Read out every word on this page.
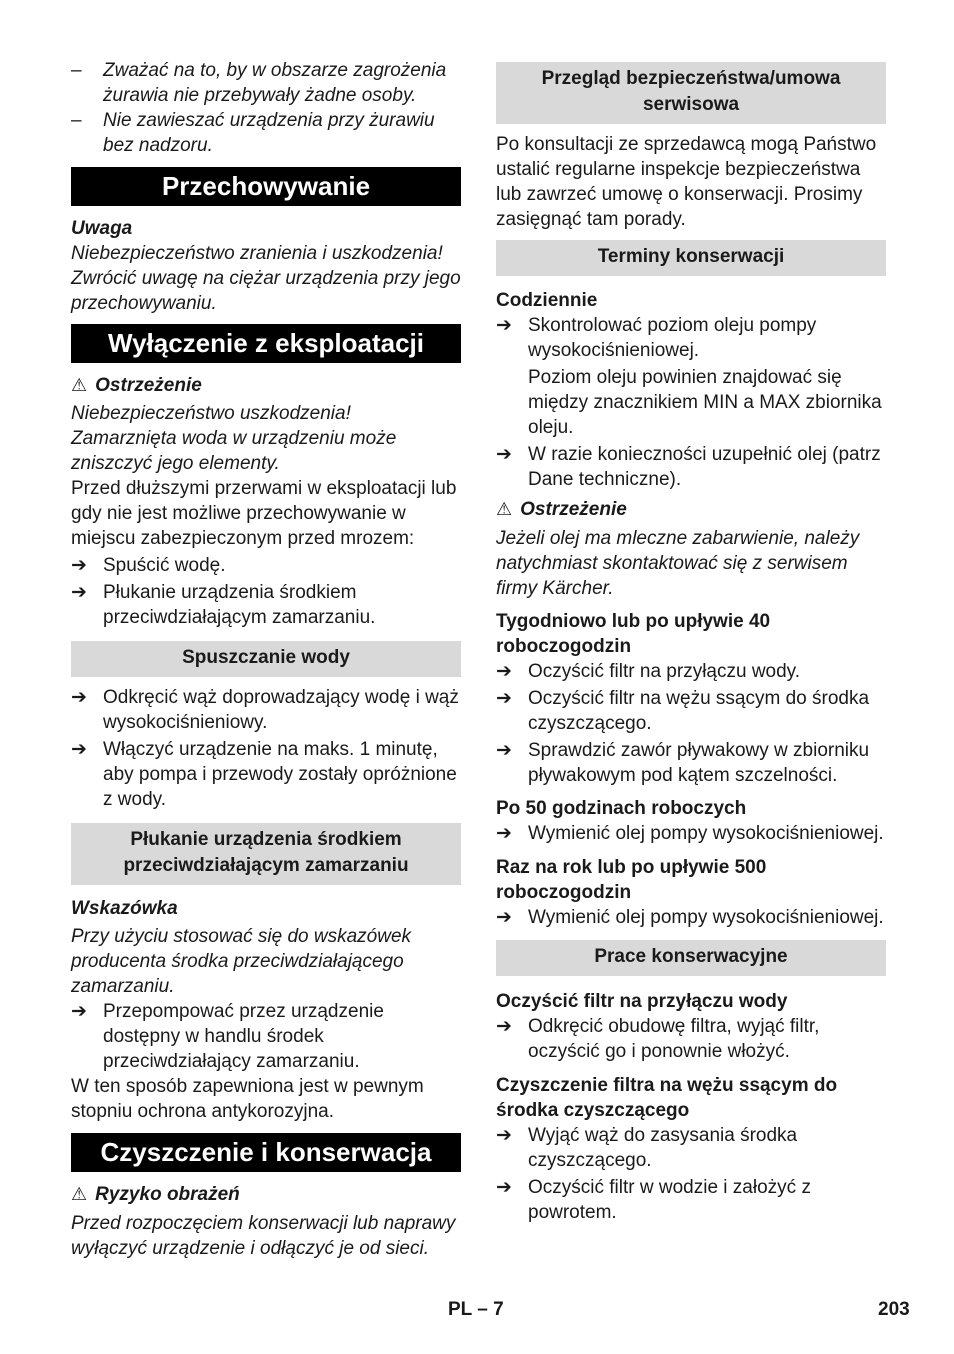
– Zważać na to, by w obszarze zagrożenia żurawia nie przebywały żadne osoby.

– Nie zawieszać urządzenia przy żurawiu bez nadzoru.

Przechowywanie

Uwaga

Niebezpieczeństwo zranienia i uszkodzenia! Zwrócić uwagę na ciężar urządzenia przy jego przechowywaniu.

Wyłączenie z eksploatacji

⚠ Ostrzeżenie

Niebezpieczeństwo uszkodzenia! Zamarznięta woda w urządzeniu może zniszczyć jego elementy.

Przed dłuższymi przerwami w eksploatacji lub gdy nie jest możliwe przechowywanie w miejscu zabezpieczonym przed mrozem:

➔ Spuścić wodę.

➔ Płukanie urządzenia środkiem przeciwdziałającym zamarzaniu.

Spuszczanie wody

➔ Odkręcić wąż doprowadzający wodę i wąż wysokociśnieniowy.

➔ Włączyć urządzenie na maks. 1 minutę, aby pompa i przewody zostały opróżnione z wody.

Płukanie urządzenia środkiem przeciwdziałającym zamarzaniu

Wskazówka

Przy użyciu stosować się do wskazówek producenta środka przeciwdziałającego zamarzaniu.

➔ Przepompować przez urządzenie dostępny w handlu środek przeciwdziałający zamarzaniu.

W ten sposób zapewniona jest w pewnym stopniu ochrona antykorozyjna.

Czyszczenie i konserwacja

⚠ Ryzyko obrażeń

Przed rozpoczęciem konserwacji lub naprawy wyłączyć urządzenie i odłączyć je od sieci.

Przegląd bezpieczeństwa/umowa serwisowa

Po konsultacji ze sprzedawcą mogą Państwo ustalić regularne inspekcje bezpieczeństwa lub zawrzeć umowę o konserwacji. Prosimy zasięgnąć tam porady.

Terminy konserwacji

Codziennie

➔ Skontrolować poziom oleju pompy wysokociśnieniowej.

Poziom oleju powinien znajdować się między znacznikiem MIN a MAX zbiornika oleju.

➔ W razie konieczności uzupełnić olej (patrz Dane techniczne).

⚠ Ostrzeżenie

Jeżeli olej ma mleczne zabarwienie, należy natychmiast skontaktować się z serwisem firmy Kärcher.

Tygodniowo lub po upływie 40 roboczogodzin

➔ Oczyścić filtr na przyłączu wody.

➔ Oczyścić filtr na wężu ssącym do środka czyszczącego.

➔ Sprawdzić zawór pływakowy w zbiorniku pływakowym pod kątem szczelności.

Po 50 godzinach roboczych

➔ Wymienić olej pompy wysokociśnieniowej.

Raz na rok lub po upływie 500 roboczogodzin

➔ Wymienić olej pompy wysokociśnieniowej.

Prace konserwacyjne

Oczyścić filtr na przyłączu wody

➔ Odkręcić obudowę filtra, wyjąć filtr, oczyścić go i ponownie włożyć.

Czyszczenie filtra na wężu ssącym do środka czyszczącego

➔ Wyjąć wąż do zasysania środka czyszczącego.

➔ Oczyścić filtr w wodzie i założyć z powrotem.

PL – 7	203
